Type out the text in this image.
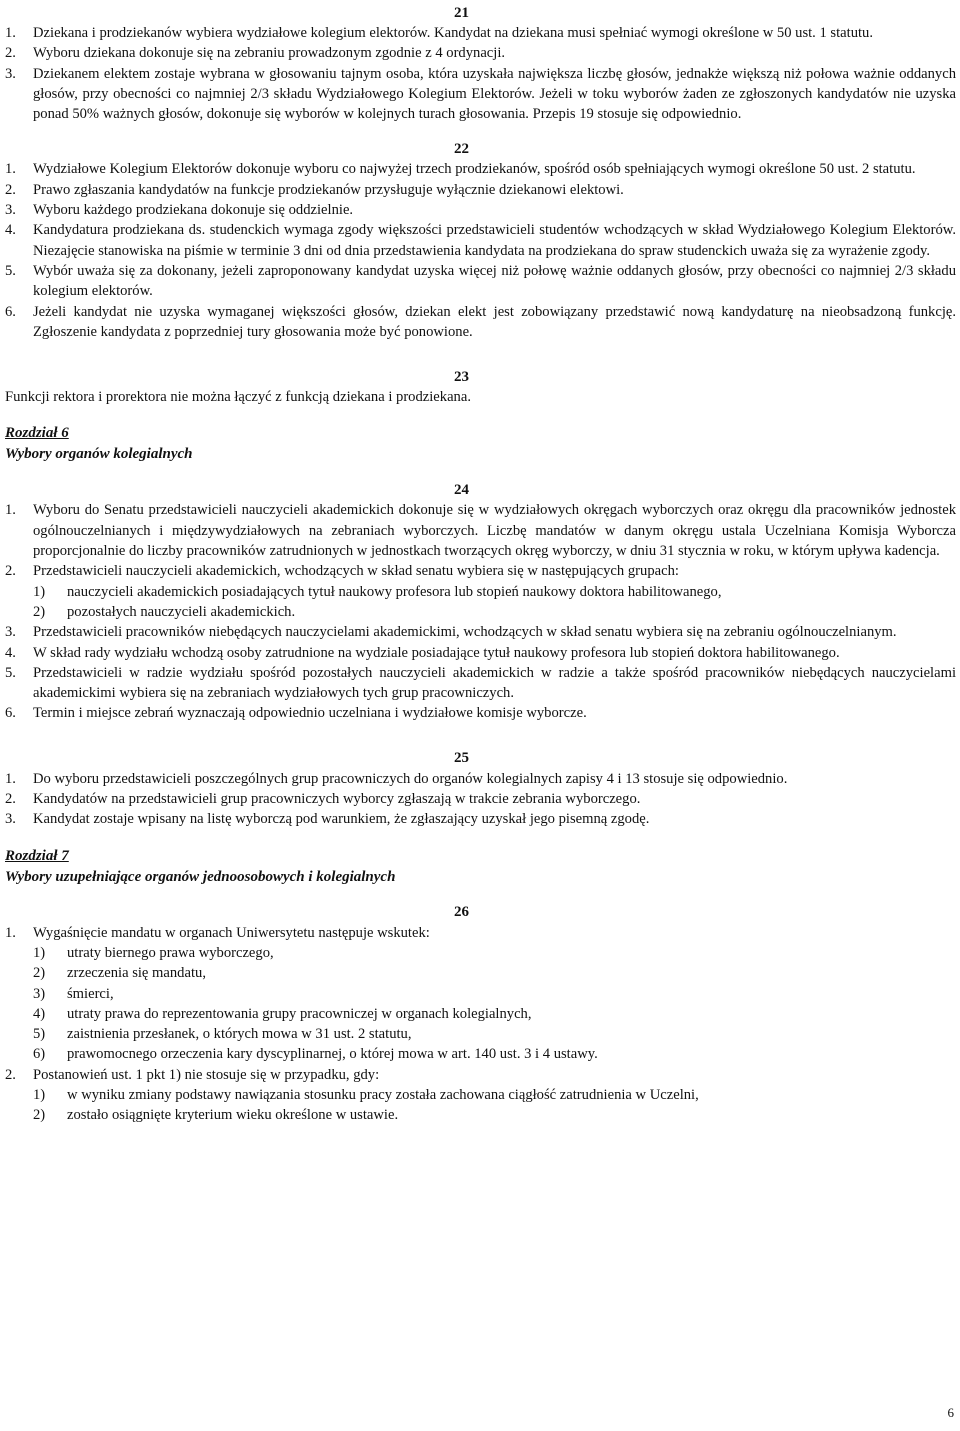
21
1.	Dziekana i prodziekanów wybiera wydziałowe kolegium elektorów. Kandydat na dziekana musi spełniać wymogi określone w 50 ust. 1 statutu.
2.	Wyboru dziekana dokonuje się na zebraniu prowadzonym zgodnie z 4 ordynacji.
3.	Dziekanem elektem zostaje wybrana w głosowaniu tajnym osoba, która uzyskała największa liczbę głosów, jednakże większą niż połowa ważnie oddanych głosów, przy obecności co najmniej 2/3 składu Wydziałowego Kolegium Elektorów. Jeżeli w toku wyborów żaden ze zgłoszonych kandydatów nie uzyska ponad 50% ważnych głosów, dokonuje się wyborów w kolejnych turach głosowania. Przepis 19 stosuje się odpowiednio.

22
1.	Wydziałowe Kolegium Elektorów dokonuje wyboru co najwyżej trzech prodziekanów, spośród osób spełniających wymogi określone 50 ust. 2 statutu.
2.	Prawo zgłaszania kandydatów na funkcje prodziekanów przysługuje wyłącznie dziekanowi elektowi.
3.	Wyboru każdego prodziekana dokonuje się oddzielnie.
4.	Kandydatura prodziekana ds. studenckich wymaga zgody większości przedstawicieli studentów wchodzących w skład Wydziałowego Kolegium Elektorów. Niezajęcie stanowiska na piśmie w terminie 3 dni od dnia przedstawienia kandydata na prodziekana do spraw studenckich uważa się za wyrażenie zgody.
5.	Wybór uważa się za dokonany, jeżeli zaproponowany kandydat uzyska więcej niż połowę ważnie oddanych głosów, przy obecności co najmniej 2/3 składu kolegium elektorów.
6.	Jeżeli kandydat nie uzyska wymaganej większości głosów, dziekan elekt jest zobowiązany przedstawić nową kandydaturę na nieobsadzoną funkcję. Zgłoszenie kandydata z poprzedniej tury głosowania może być ponowione.

23
Funkcji rektora i prorektora nie można łączyć z funkcją dziekana i prodziekana.
Rozdział 6
Wybory organów kolegialnych

24
1.	Wyboru do Senatu przedstawicieli nauczycieli akademickich dokonuje się w wydziałowych okręgach wyborczych oraz okręgu dla pracowników jednostek ogólnouczelnianych i międzywydziałowych na zebraniach wyborczych. Liczbę mandatów w danym okręgu ustala Uczelniana Komisja Wyborcza proporcjonalnie do liczby pracowników zatrudnionych w jednostkach tworzących okręg wyborczy, w dniu 31 stycznia w roku, w którym upływa kadencja.
2.	Przedstawicieli nauczycieli akademickich, wchodzących w skład senatu wybiera się w następujących grupach:
1)	nauczycieli akademickich posiadających tytuł naukowy profesora lub stopień naukowy doktora habilitowanego,
2)	pozostałych nauczycieli akademickich.
3.	Przedstawicieli pracowników niebędących nauczycielami akademickimi, wchodzących w skład senatu wybiera się na zebraniu ogólnouczelnianym.
4.	W skład rady wydziału wchodzą osoby zatrudnione na wydziale posiadające tytuł naukowy profesora lub stopień doktora habilitowanego.
5.	Przedstawicieli w radzie wydziału spośród pozostałych nauczycieli akademickich w radzie a także spośród pracowników niebędących nauczycielami akademickimi wybiera się na zebraniach wydziałowych tych grup pracowniczych.
6.	Termin i miejsce zebrań wyznaczają odpowiednio uczelniana i wydziałowe komisje wyborcze.

25
1.	Do wyboru przedstawicieli poszczególnych grup pracowniczych do organów kolegialnych zapisy 4 i 13 stosuje się odpowiednio.
2.	Kandydatów na przedstawicieli grup pracowniczych wyborcy zgłaszają w trakcie zebrania wyborczego.
3.	Kandydat zostaje wpisany na listę wyborczą pod warunkiem, że zgłaszający uzyskał jego pisemną zgodę.
Rozdział 7
Wybory uzupełniające organów jednoosobowych i kolegialnych

26
1.	Wygaśnięcie mandatu w organach Uniwersytetu następuje wskutek:
1)	utraty biernego prawa wyborczego,
2)	zrzeczenia się mandatu,
3)	śmierci,
4)	utraty prawa do reprezentowania grupy pracowniczej w organach kolegialnych,
5)	zaistnienia przesłanek, o których mowa w 31 ust. 2 statutu,
6)	prawomocnego orzeczenia kary dyscyplinarnej, o której mowa w art. 140 ust. 3 i 4 ustawy.
2.	Postanowień ust. 1 pkt 1) nie stosuje się w przypadku, gdy:
1)	w wyniku zmiany podstawy nawiązania stosunku pracy została zachowana ciągłość zatrudnienia w Uczelni,
2)	zostało osiągnięte kryterium wieku określone w ustawie.
6
